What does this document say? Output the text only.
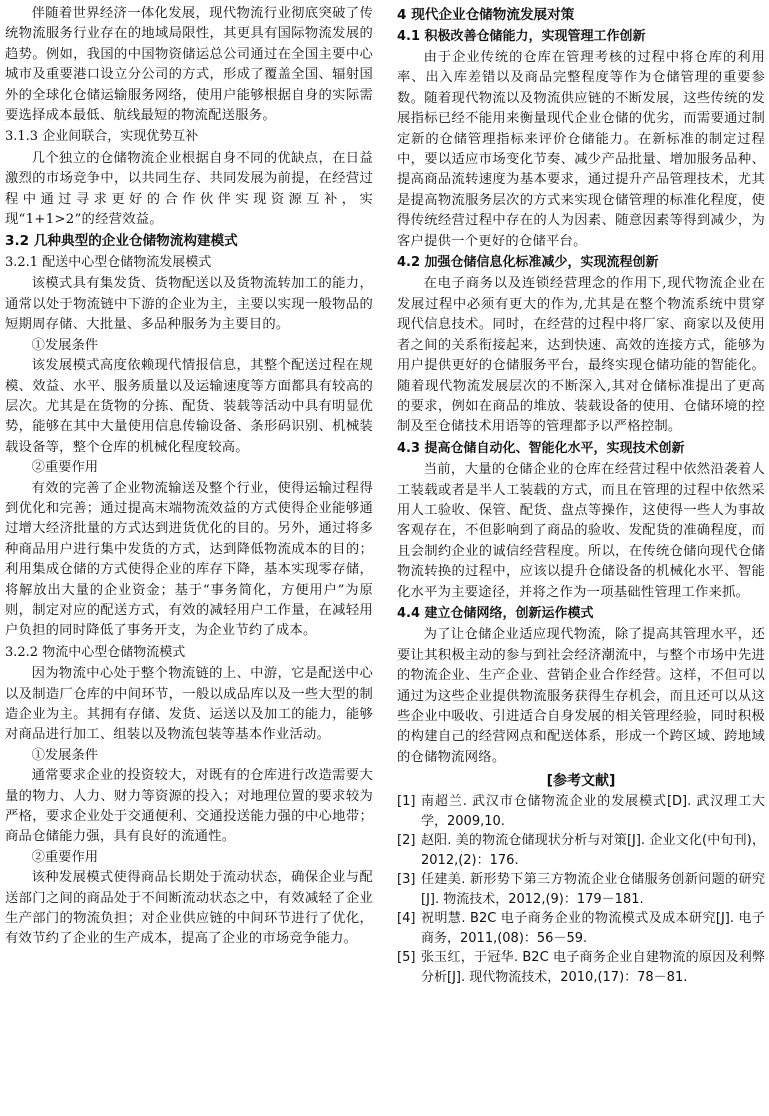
伴随着世界经济一体化发展，现代物流行业彻底突破了传统物流服务行业存在的地域局限性，其更具有国际物流发展的趋势。例如，我国的中国物资储运总公司通过在全国主要中心城市及重要港口设立分公司的方式，形成了覆盖全国、辐射国外的全球化仓储运输服务网络，使用户能够根据自身的实际需要选择成本最低、航线最短的物流配送服务。

3.1.3 企业间联合，实现优势互补

几个独立的仓储物流企业根据自身不同的优缺点，在日益激烈的市场竞争中，以共同生存、共同发展为前提，在经营过程中通过寻求更好的合作伙伴实现资源互补，实现“1+1>2”的经营效益。

3.2 几种典型的企业仓储物流构建模式

3.2.1 配送中心型仓储物流发展模式

该模式具有集发货、货物配送以及货物流转加工的能力，通常以处于物流链中下游的企业为主，主要以实现一般物品的短期周存储、大批量、多品种服务为主要目的。

①发展条件

该发展模式高度依赖现代情报信息，其整个配送过程在规模、效益、水平、服务质量以及运输速度等方面都具有较高的层次。尤其是在货物的分拣、配货、装载等活动中具有明显优势，能够在其中大量使用信息传输设备、条形码识别、机械装载设备等，整个仓库的机械化程度较高。

②重要作用

有效的完善了企业物流输送及整个行业，使得运输过程得到优化和完善；通过提高末端物流效益的方式使得企业能够通过增大经济批量的方式达到进货优化的目的。另外，通过将多种商品用户进行集中发货的方式，达到降低物流成本的目的；利用集成仓储的方式使得企业的库存下降，基本实现零存储，将解放出大量的企业资金；基于“事务简化，方便用户”为原则，制定对应的配送方式，有效的减轻用户工作量，在减轻用户负担的同时降低了事务开支，为企业节约了成本。

3.2.2 物流中心型仓储物流模式

因为物流中心处于整个物流链的上、中游，它是配送中心以及制造厂仓库的中间环节，一般以成品库以及一些大型的制造企业为主。其拥有存储、发货、运送以及加工的能力，能够对商品进行加工、组装以及物流包装等基本作业活动。

①发展条件

通常要求企业的投资较大，对既有的仓库进行改造需要大量的物力、人力、财力等资源的投入；对地理位置的要求较为严格，要求企业处于交通便利、交通投送能力强的中心地带；商品仓储能力强，具有良好的流通性。

②重要作用

该种发展模式使得商品长期处于流动状态，确保企业与配送部门之间的商品处于不间断流动状态之中，有效减轻了企业生产部门的物流负担；对企业供应链的中间环节进行了优化，有效节约了企业的生产成本，提高了企业的市场竞争能力。

4 现代企业仓储物流发展对策

4.1 积极改善仓储能力，实现管理工作创新

由于企业传统的仓库在管理考核的过程中将仓库的利用率、出入库差错以及商品完整程度等作为仓储管理的重要参数。随着现代物流以及物流供应链的不断发展，这些传统的发展指标已经不能用来衡量现代企业仓储的优劣，而需要通过制定新的仓储管理指标来评价仓储能力。在新标准的制定过程中，要以适应市场变化节奏、减少产品批量、增加服务品种、提高商品流转速度为基本要求，通过提升产品管理技术，尤其是提高物流服务层次的方式来实现仓储管理的标准化程度，使得传统经营过程中存在的人为因素、随意因素等得到减少，为客户提供一个更好的仓储平台。

4.2 加强仓储信息化标准减少，实现流程创新

在电子商务以及连锁经营理念的作用下,现代物流企业在发展过程中必须有更大的作为,尤其是在整个物流系统中贯穿现代信息技术。同时，在经营的过程中将厂家、商家以及使用者之间的关系衔接起来，达到快速、高效的连接方式，能够为用户提供更好的仓储服务平台，最终实现仓储功能的智能化。随着现代物流发展层次的不断深入,其对仓储标准提出了更高的要求，例如在商品的堆放、装载设备的使用、仓储环境的控制及至仓储技术用语等的管理都予以严格控制。

4.3 提高仓储自动化、智能化水平，实现技术创新

当前，大量的仓储企业的仓库在经营过程中依然沿袭着人工装载或者是半人工装载的方式，而且在管理的过程中依然采用人工验收、保管、配货、盘点等操作，这使得一些人为事故客观存在，不但影响到了商品的验收、发配货的准确程度，而且会制约企业的诚信经营程度。所以，在传统仓储向现代仓储物流转换的过程中，应该以提升仓储设备的机械化水平、智能化水平为主要途径，并将之作为一项基础性管理工作来抓。

4.4 建立仓储网络，创新运作模式

为了让仓储企业适应现代物流，除了提高其管理水平，还要让其积极主动的参与到社会经济潮流中，与整个市场中先进的物流企业、生产企业、营销企业合作经营。这样，不但可以通过为这些企业提供物流服务获得生存机会，而且还可以从这些企业中吸收、引进适合自身发展的相关管理经验，同时积极的构建自己的经营网点和配送体系，形成一个跨区域、跨地域的仓储物流网络。

[参考文献]

[1] 南超兰. 武汉市仓储物流企业的发展模式[D]. 武汉理工大学，2009,10.
[2] 赵阳. 美的物流仓储现状分析与对策[J]. 企业文化(中旬刊)，2012,(2)：176.
[3] 任建美. 新形势下第三方物流企业仓储服务创新问题的研究[J]. 物流技术，2012,(9)：179－181.
[4] 祝明慧. B2C 电子商务企业的物流模式及成本研究[J]. 电子商务，2011,(08)：56－59.
[5] 张玉红，于冠华. B2C 电子商务企业自建物流的原因及利弊分析[J]. 现代物流技术，2010,(17)：78－81.
